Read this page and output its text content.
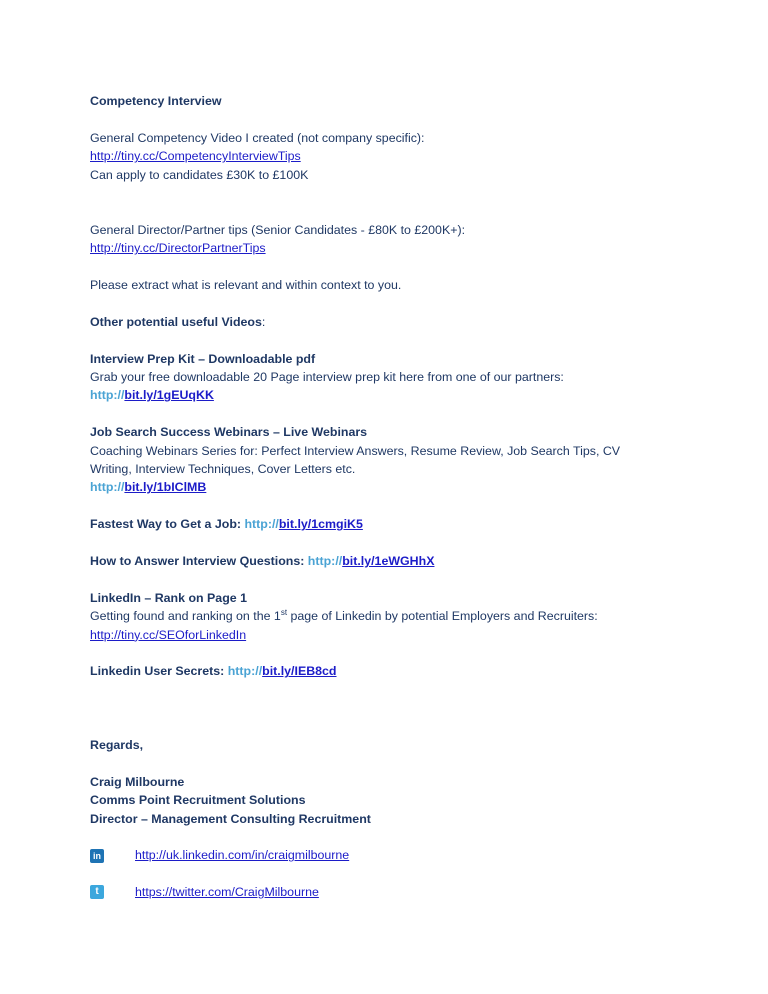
Competency Interview

General Competency Video I created (not company specific):

http://tiny.cc/CompetencyInterviewTips

Can apply to candidates £30K to £100K

General Director/Partner tips (Senior Candidates - £80K to £200K+):

http://tiny.cc/DirectorPartnerTips

Please extract what is relevant and within context to you.

Other potential useful Videos:

Interview Prep Kit – Downloadable pdf

Grab your free downloadable 20 Page interview prep kit here from one of our partners:

http://bit.ly/1gEUqKK

Job Search Success Webinars – Live Webinars

Coaching Webinars Series for: Perfect Interview Answers, Resume Review, Job Search Tips, CV

Writing, Interview Techniques, Cover Letters etc.

http://bit.ly/1bIClMB

Fastest Way to Get a Job: http://bit.ly/1cmgiK5

How to Answer Interview Questions: http://bit.ly/1eWGHhX

LinkedIn – Rank on Page 1

Getting found and ranking on the 1st page of Linkedin by potential Employers and Recruiters:

http://tiny.cc/SEOforLinkedIn

Linkedin User Secrets: http://bit.ly/IEB8cd

Regards,

Craig Milbourne

Comms Point Recruitment Solutions

Director – Management Consulting Recruitment

in	http://uk.linkedin.com/in/craigmilbourne
t	https://twitter.com/CraigMilbourne
